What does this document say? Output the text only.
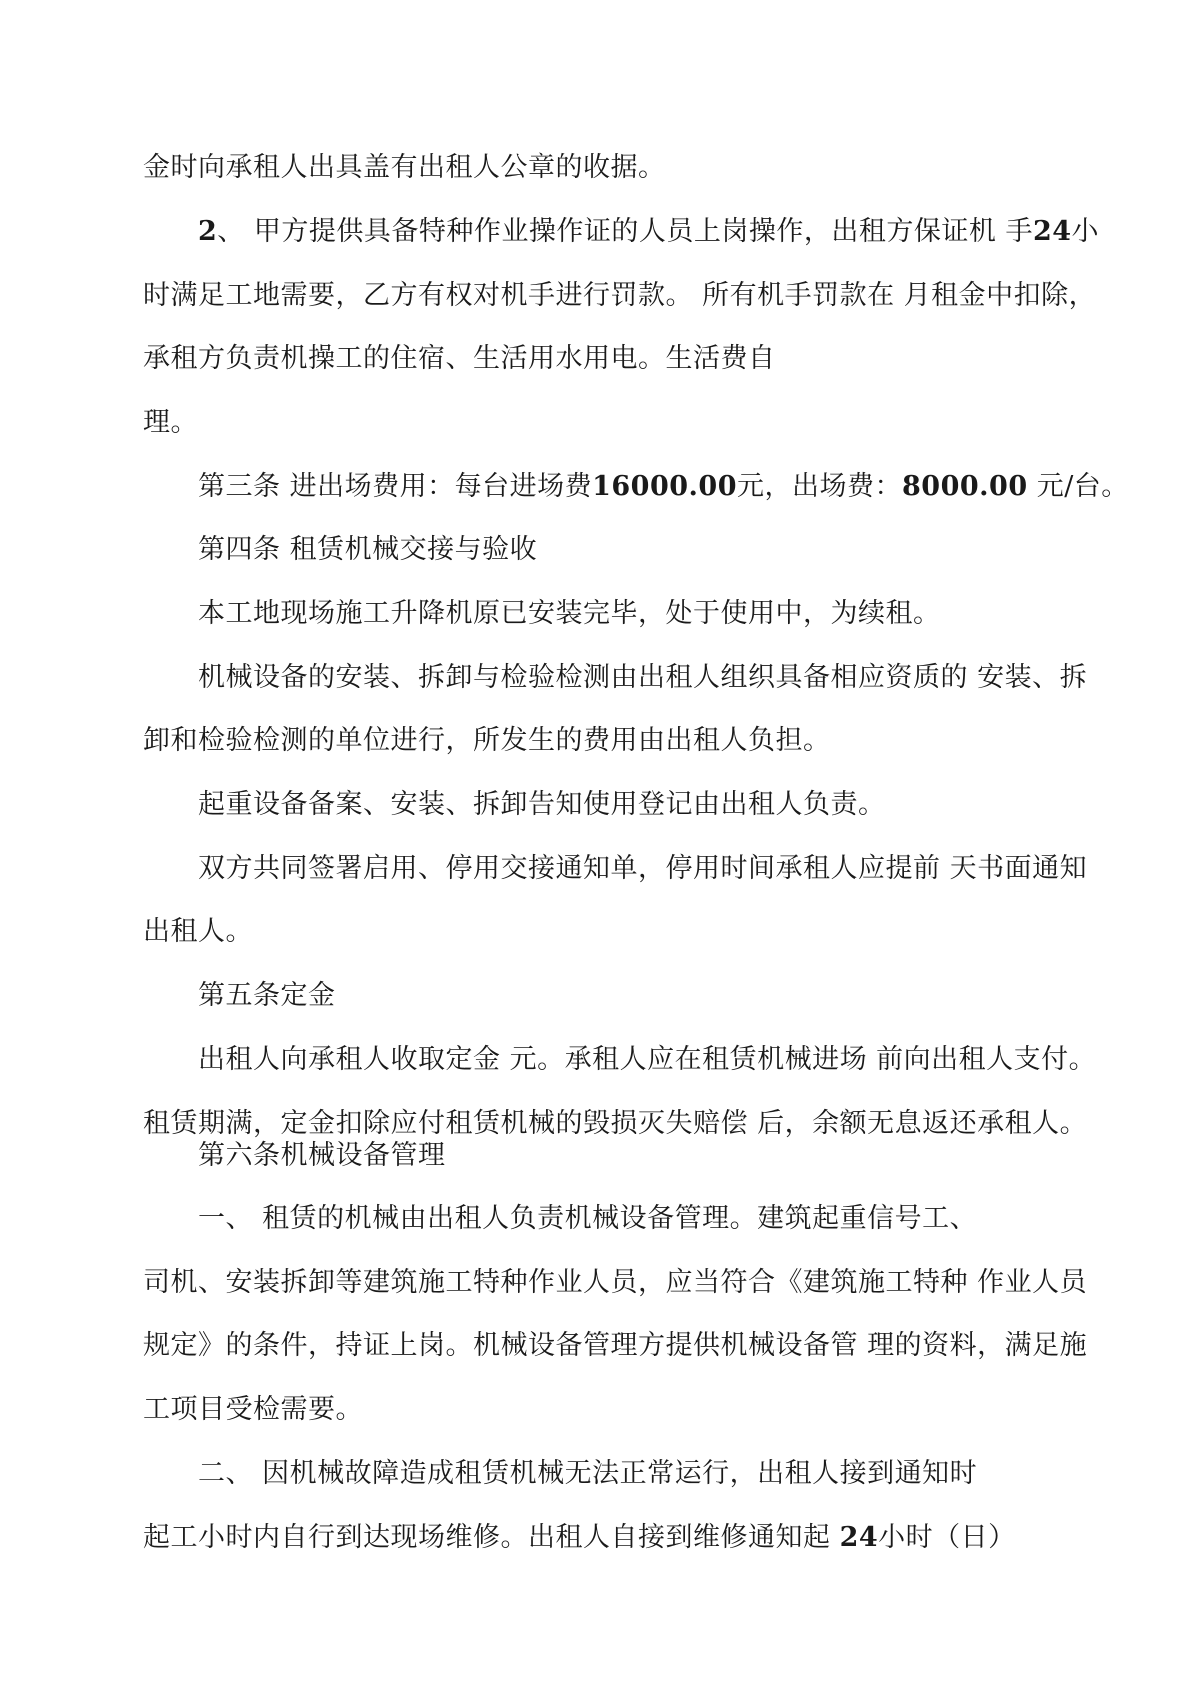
金时向承租人出具盖有出租人公章的收据。
2、 甲方提供具备特种作业操作证的人员上岗操作，出租方保证机 手24小
时满足工地需要，乙方有权对机手进行罚款。 所有机手罚款在 月租金中扣除，
承租方负责机操工的住宿、生活用水用电。生活费自
理。
第三条 进出场费用：每台进场费16000.00元，出场费：8000.00 元/台。
第四条 租赁机械交接与验收
本工地现场施工升降机原已安装完毕，处于使用中，为续租。
机械设备的安装、拆卸与检验检测由出租人组织具备相应资质的 安装、拆
卸和检验检测的单位进行，所发生的费用由出租人负担。
起重设备备案、安装、拆卸告知使用登记由出租人负责。
双方共同签署启用、停用交接通知单，停用时间承租人应提前 天书面通知
出租人。
第五条定金
出租人向承租人收取定金 元。承租人应在租赁机械进场 前向出租人支付。
租赁期满，定金扣除应付租赁机械的毁损灭失赔偿 后，余额无息返还承租人。
第六条机械设备管理
一、 租赁的机械由出租人负责机械设备管理。建筑起重信号工、
司机、安装拆卸等建筑施工特种作业人员，应当符合《建筑施工特种 作业人员
规定》的条件，持证上岗。机械设备管理方提供机械设备管 理的资料，满足施
工项目受检需要。
二、 因机械故障造成租赁机械无法正常运行，出租人接到通知时
起工小时内自行到达现场维修。出租人自接到维修通知起 24小时（日）
